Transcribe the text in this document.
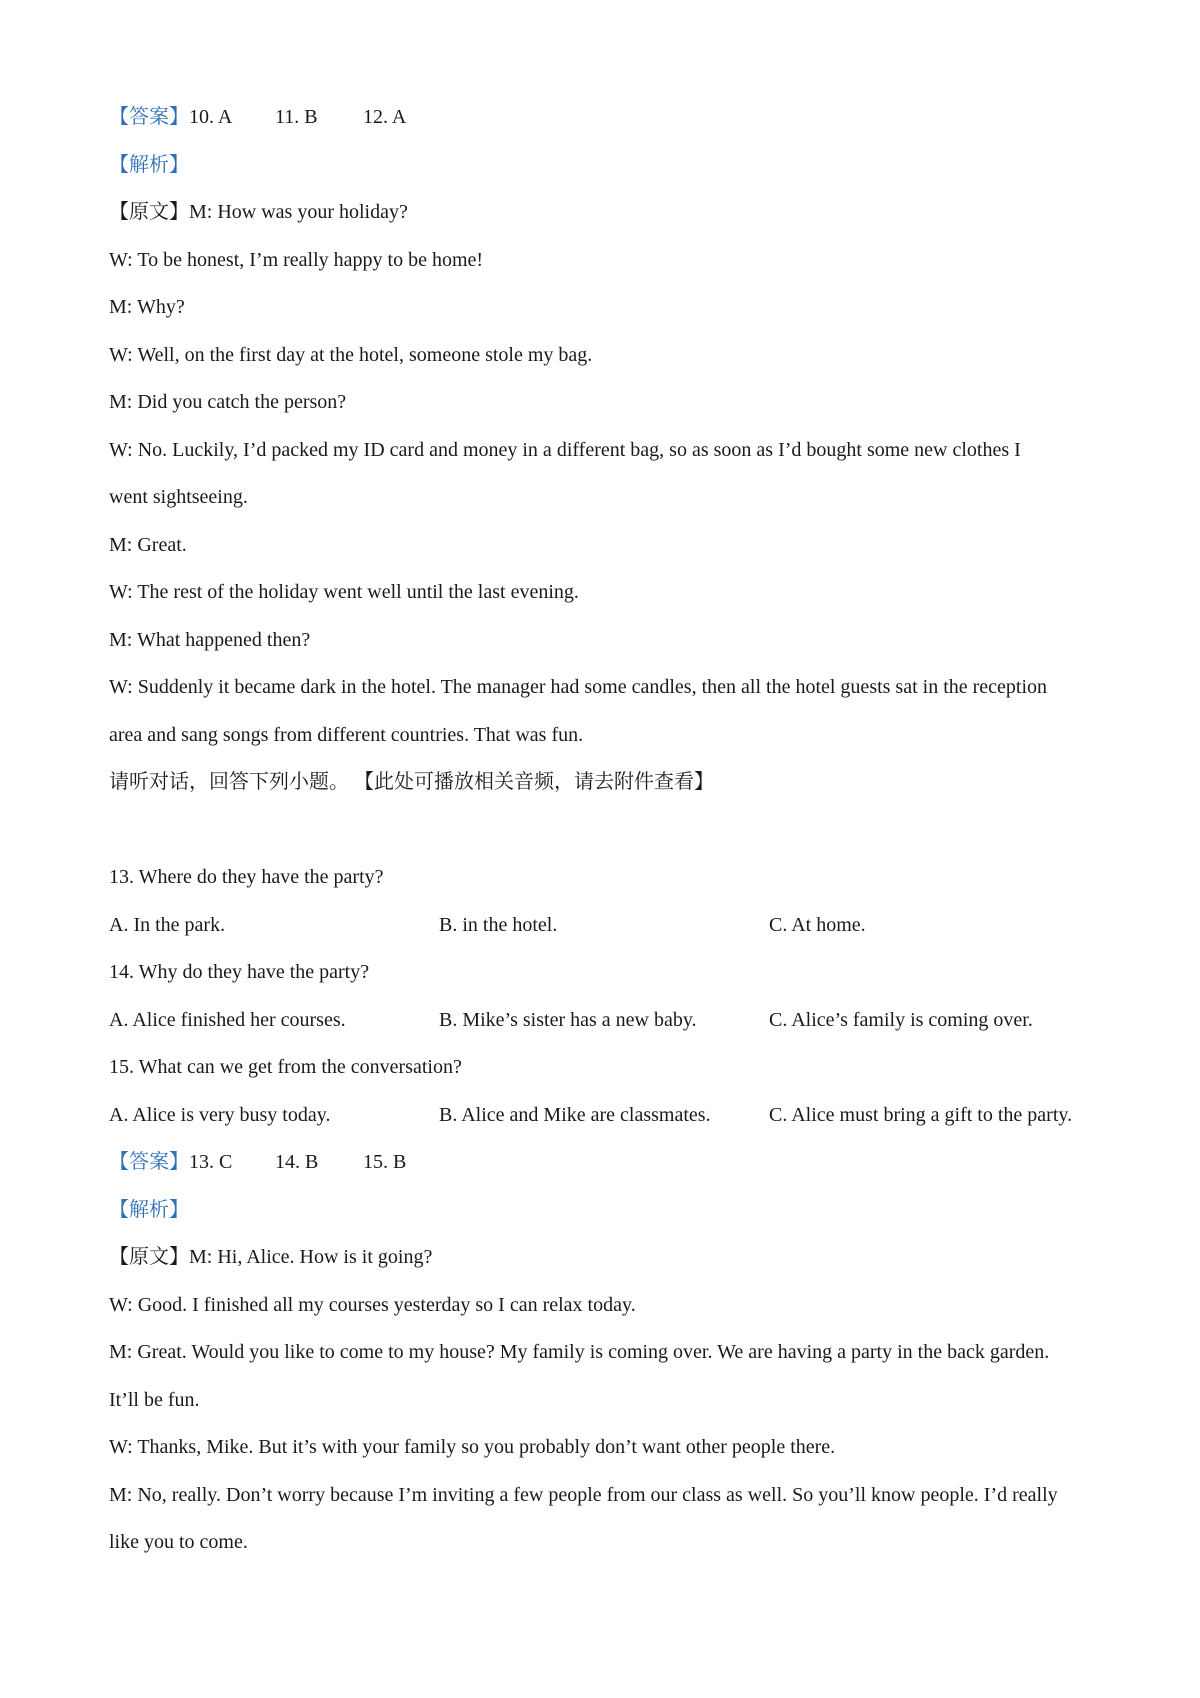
【答案】10. A 11. B 12. A
【解析】
【原文】M: How was your holiday?
W: To be honest, I’m really happy to be home!
M: Why?
W: Well, on the first day at the hotel, someone stole my bag.
M: Did you catch the person?
W: No. Luckily, I’d packed my ID card and money in a different bag, so as soon as I’d bought some new clothes I
went sightseeing.
M: Great.
W: The rest of the holiday went well until the last evening.
M: What happened then?
W: Suddenly it became dark in the hotel. The manager had some candles, then all the hotel guests sat in the reception
area and sang songs from different countries. That was fun.
请听对话，回答下列小题。 【此处可播放相关音频，请去附件查看】
13. Where do they have the party?
A. In the park.	B. in the hotel.	C. At home.
14. Why do they have the party?
A. Alice finished her courses.	B. Mike’s sister has a new baby.	C. Alice’s family is coming over.
15. What can we get from the conversation?
A. Alice is very busy today.	B. Alice and Mike are classmates.	C. Alice must bring a gift to the party.
【答案】13. C 14. B 15. B
【解析】
【原文】M: Hi, Alice. How is it going?
W: Good. I finished all my courses yesterday so I can relax today.
M: Great. Would you like to come to my house? My family is coming over. We are having a party in the back garden.
It’ll be fun.
W: Thanks, Mike. But it’s with your family so you probably don’t want other people there.
M: No, really. Don’t worry because I’m inviting a few people from our class as well. So you’ll know people. I’d really
like you to come.
